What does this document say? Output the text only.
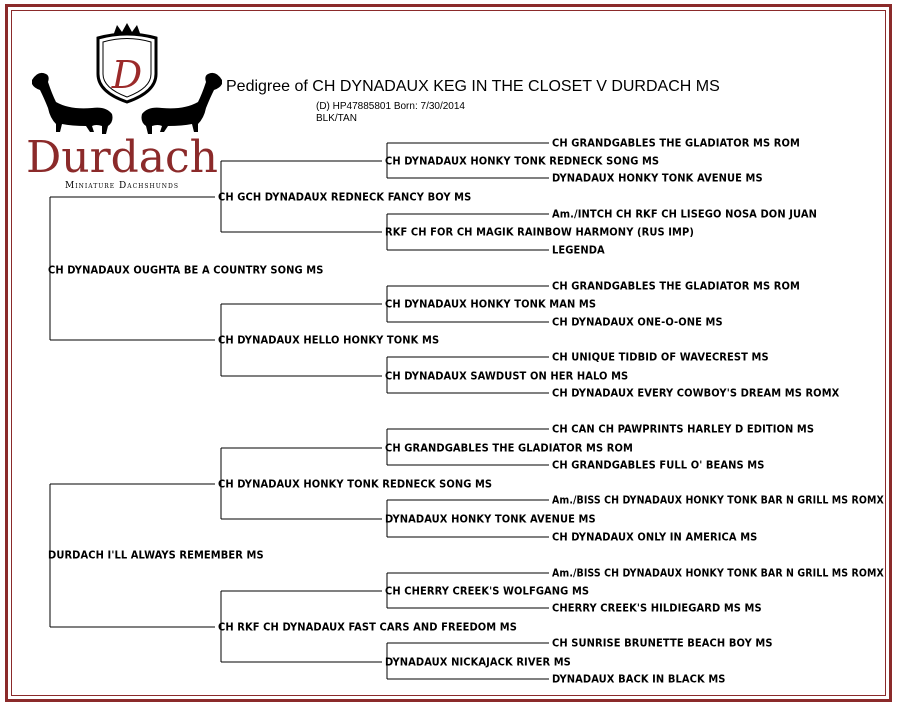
D
Durdach
Miniature Dachshunds
Pedigree of CH DYNADAUX KEG IN THE CLOSET V DURDACH MS
(D) HP47885801 Born: 7/30/2014
BLK/TAN
CH DYNADAUX OUGHTA BE A COUNTRY SONG MS
DURDACH I'LL ALWAYS REMEMBER MS
CH GCH DYNADAUX REDNECK FANCY BOY MS
CH DYNADAUX HELLO HONKY TONK MS
CH DYNADAUX HONKY TONK REDNECK SONG MS
CH RKF CH DYNADAUX FAST CARS AND FREEDOM MS
CH DYNADAUX HONKY TONK REDNECK SONG MS
RKF CH FOR CH MAGIK RAINBOW HARMONY (RUS IMP)
CH DYNADAUX HONKY TONK MAN MS
CH DYNADAUX SAWDUST ON HER HALO MS
CH GRANDGABLES THE GLADIATOR MS ROM
DYNADAUX HONKY TONK AVENUE MS
CH CHERRY CREEK'S WOLFGANG MS
DYNADAUX NICKAJACK RIVER MS
CH GRANDGABLES THE GLADIATOR MS ROM
DYNADAUX HONKY TONK AVENUE MS
Am./INTCH CH RKF CH LISEGO NOSA DON JUAN
LEGENDA
CH GRANDGABLES THE GLADIATOR MS ROM
CH DYNADAUX ONE-O-ONE MS
CH UNIQUE TIDBID OF WAVECREST MS
CH DYNADAUX EVERY COWBOY'S DREAM MS ROMX
CH CAN CH PAWPRINTS HARLEY D EDITION MS
CH GRANDGABLES FULL O' BEANS MS
Am./BISS CH DYNADAUX HONKY TONK BAR N GRILL MS ROMX
CH DYNADAUX ONLY IN AMERICA MS
Am./BISS CH DYNADAUX HONKY TONK BAR N GRILL MS ROMX
CHERRY CREEK'S HILDIEGARD MS MS
CH SUNRISE BRUNETTE BEACH BOY MS
DYNADAUX BACK IN BLACK MS
